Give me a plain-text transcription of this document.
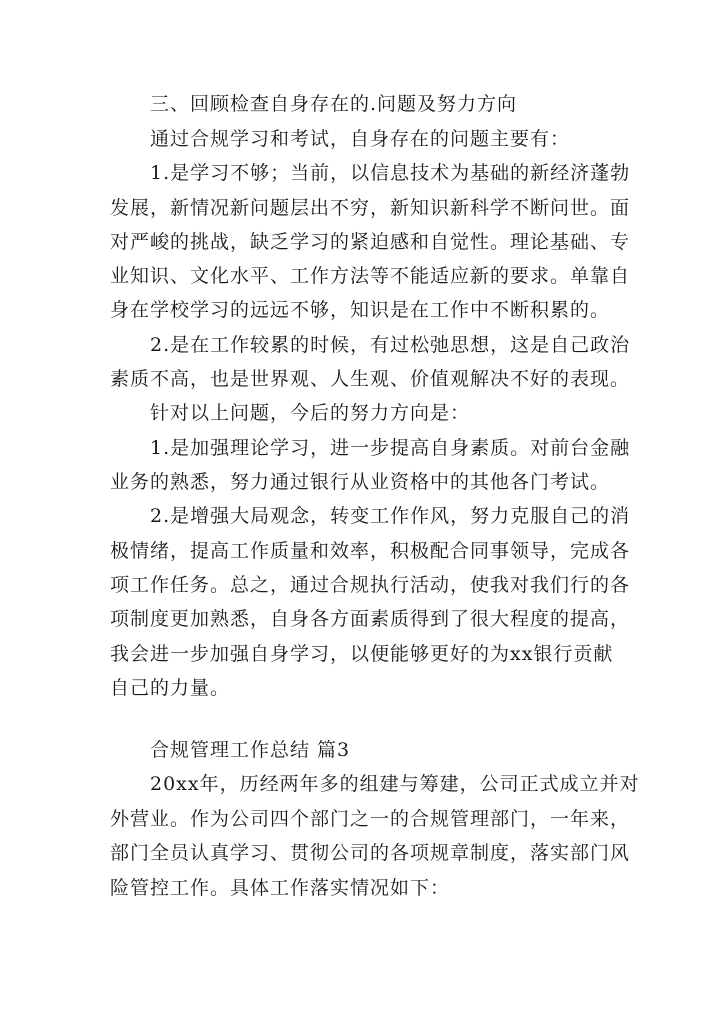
三、回顾检查自身存在的.问题及努力方向
通过合规学习和考试，自身存在的问题主要有：
1.是学习不够；当前，以信息技术为基础的新经济蓬勃
发展，新情况新问题层出不穷，新知识新科学不断问世。面
对严峻的挑战，缺乏学习的紧迫感和自觉性。理论基础、专
业知识、文化水平、工作方法等不能适应新的要求。单靠自
身在学校学习的远远不够，知识是在工作中不断积累的。
2.是在工作较累的时候，有过松弛思想，这是自己政治
素质不高，也是世界观、人生观、价值观解决不好的表现。
针对以上问题，今后的努力方向是：
1.是加强理论学习，进一步提高自身素质。对前台金融
业务的熟悉，努力通过银行从业资格中的其他各门考试。
2.是增强大局观念，转变工作作风，努力克服自己的消
极情绪，提高工作质量和效率，积极配合同事领导，完成各
项工作任务。总之，通过合规执行活动，使我对我们行的各
项制度更加熟悉，自身各方面素质得到了很大程度的提高，
我会进一步加强自身学习，以便能够更好的为xx银行贡献
自己的力量。
合规管理工作总结 篇3
20xx年，历经两年多的组建与筹建，公司正式成立并对
外营业。作为公司四个部门之一的合规管理部门，一年来，
部门全员认真学习、贯彻公司的各项规章制度，落实部门风
险管控工作。具体工作落实情况如下：
